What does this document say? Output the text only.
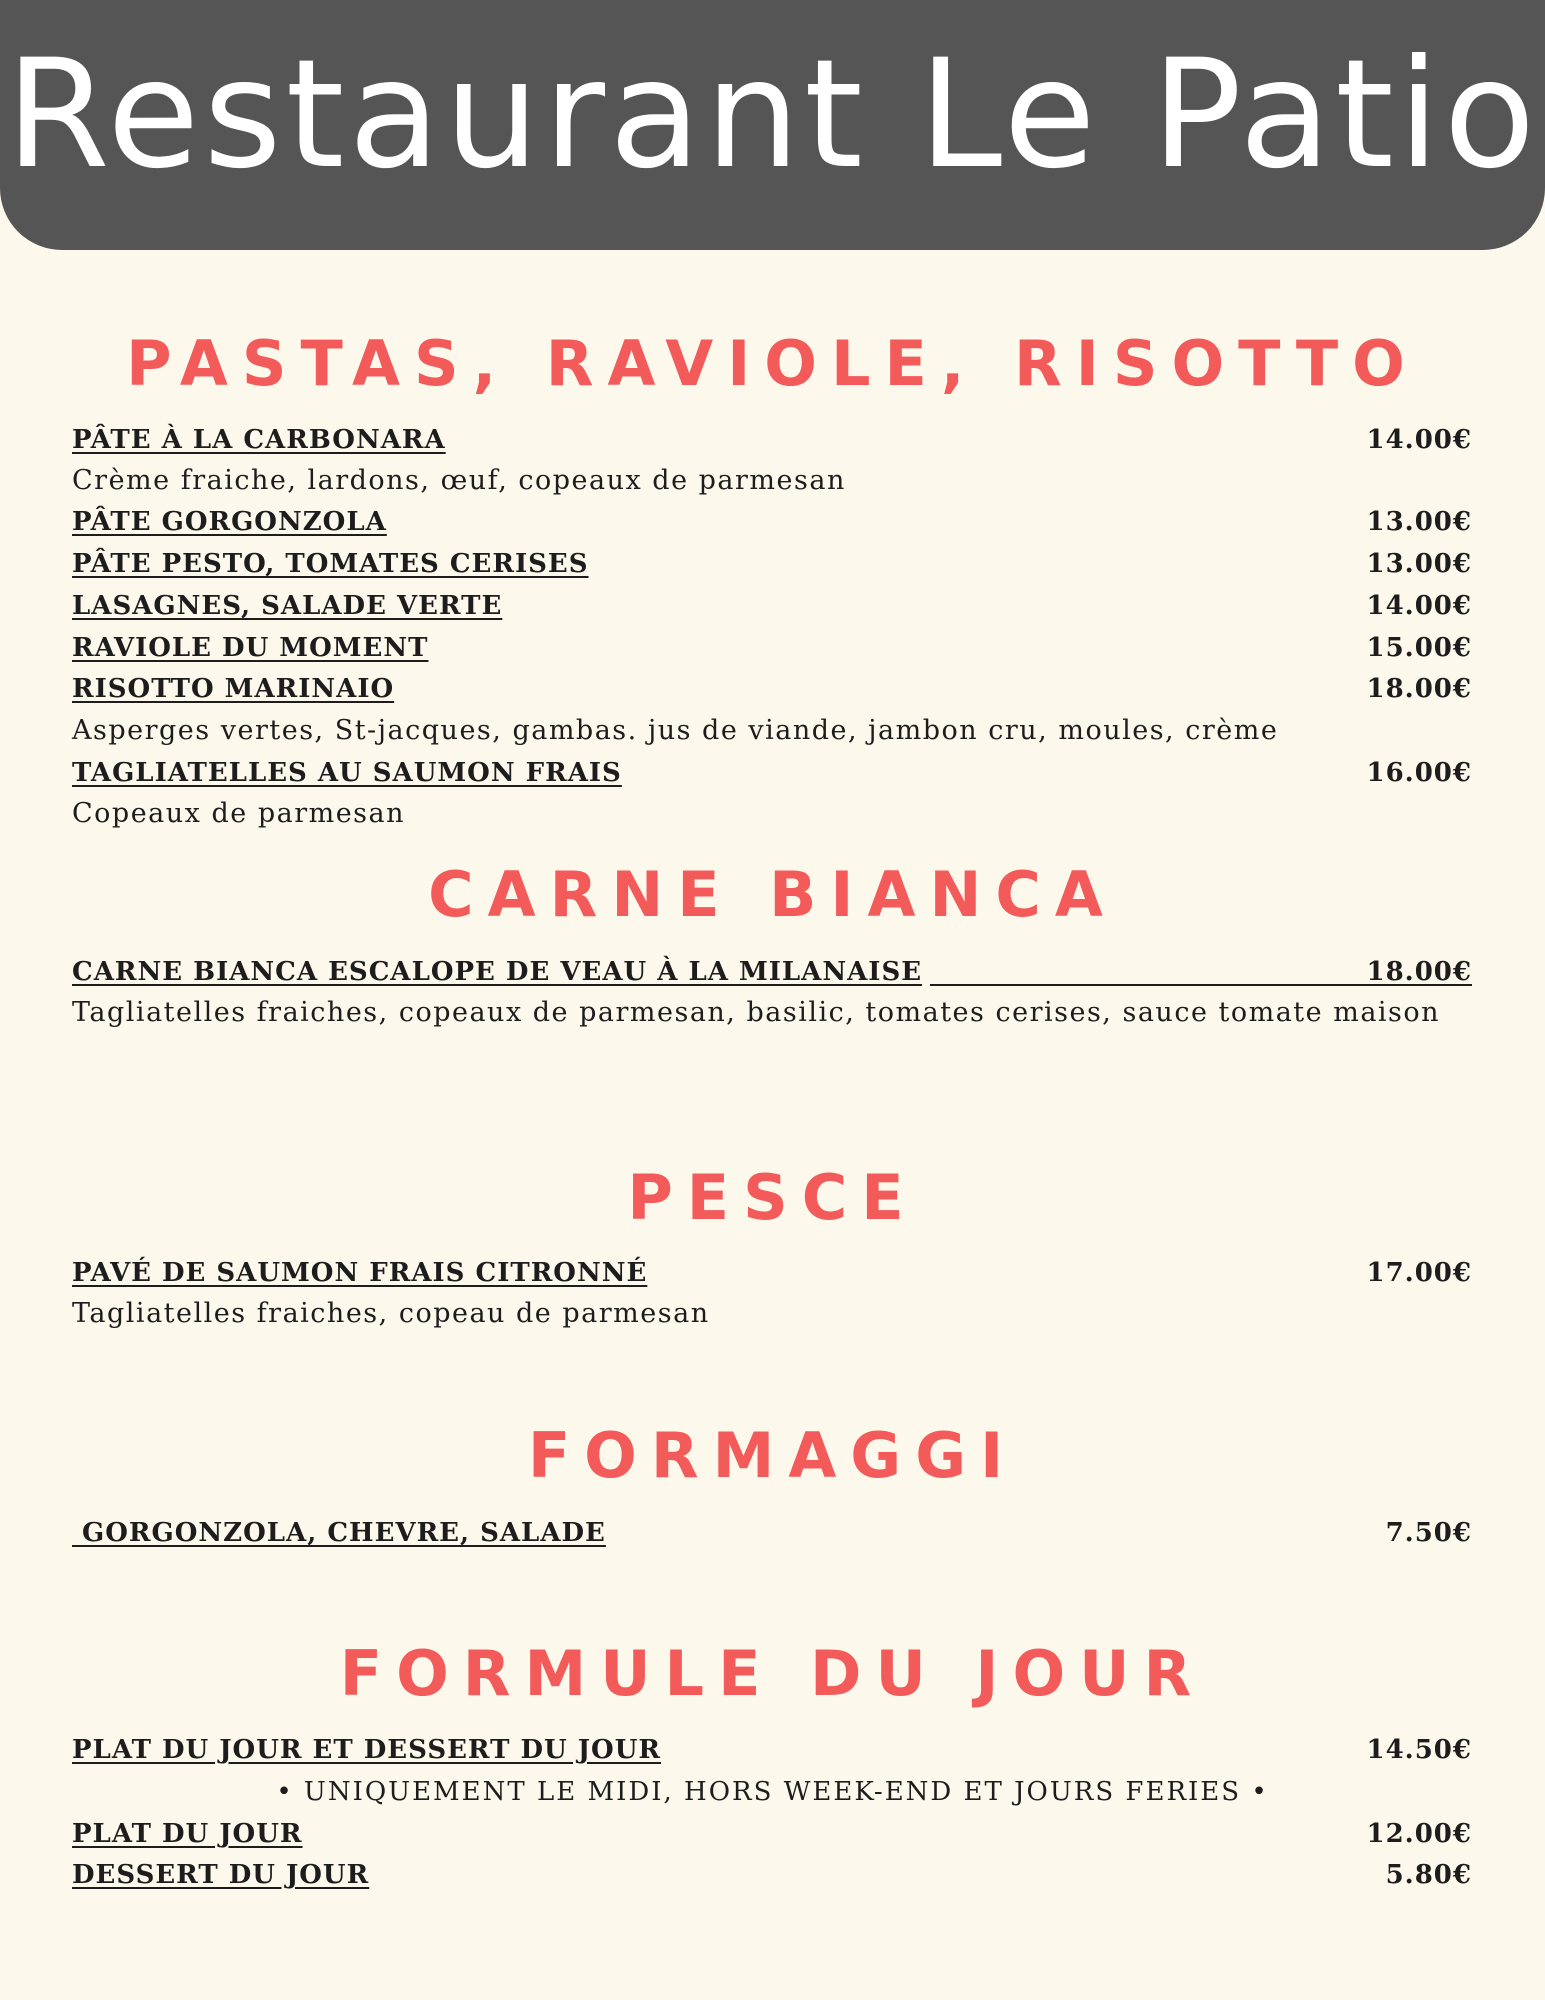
Restaurant Le Patio
PASTAS, RAVIOLE, RISOTTO
PÂTE À LA CARBONARA	14.00€
Crème fraiche, lardons, œuf, copeaux de parmesan
PÂTE GORGONZOLA	13.00€
PÂTE PESTO, TOMATES CERISES	13.00€
LASAGNES, SALADE VERTE	14.00€
RAVIOLE DU MOMENT	15.00€
RISOTTO MARINAIO	18.00€
Asperges vertes, St-jacques, gambas. jus de viande, jambon cru, moules, crème
TAGLIATELLES AU SAUMON FRAIS	16.00€
Copeaux de parmesan
CARNE BIANCA
CARNE BIANCA ESCALOPE DE VEAU À LA MILANAISE	18.00€
Tagliatelles fraiches, copeaux de parmesan, basilic, tomates cerises, sauce tomate maison
PESCE
PAVÉ DE SAUMON FRAIS CITRONNÉ	17.00€
Tagliatelles fraiches, copeau de parmesan
FORMAGGI
GORGONZOLA, CHEVRE, SALADE	7.50€
FORMULE DU JOUR
PLAT DU JOUR ET DESSERT DU JOUR	14.50€
• UNIQUEMENT LE MIDI, HORS WEEK-END ET JOURS FERIES •
PLAT DU JOUR	12.00€
DESSERT DU JOUR	5.80€
